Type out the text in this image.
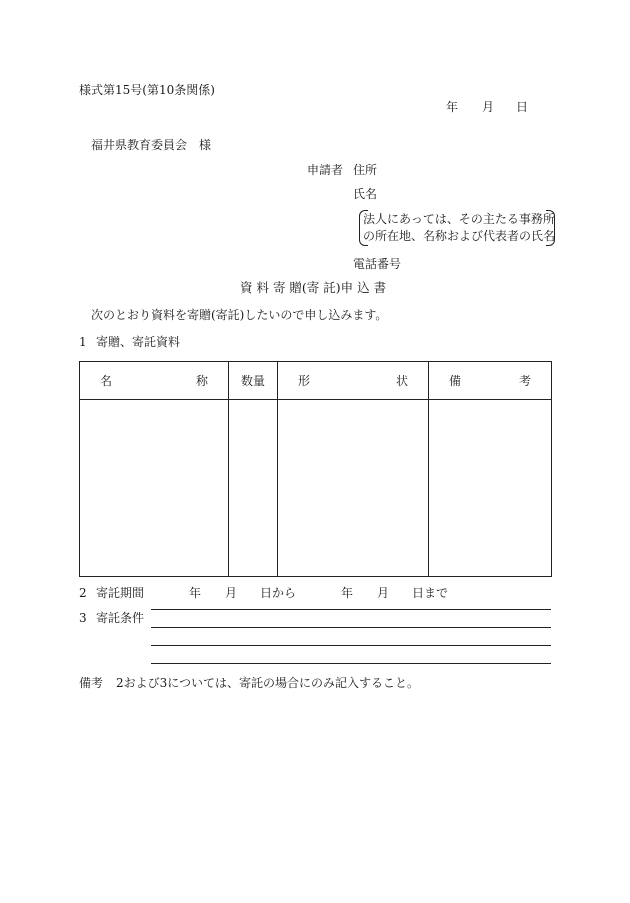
様式第15号(第10条関係)
年 月 日
福井県教育委員会　様
申請者 住所
氏名
法人にあっては、その主たる事務所
の所在地、名称および代表者の氏名
電話番号
資 料 寄 贈(寄 託)申 込 書
次のとおり資料を寄贈(寄託)したいので申し込みます。
1 寄贈、寄託資料
名 称	数量	形 状	備 考

2 寄託期間	年 月 日から	年 月 日まで
3 寄託条件
備考 2および3については、寄託の場合にのみ記入すること。
